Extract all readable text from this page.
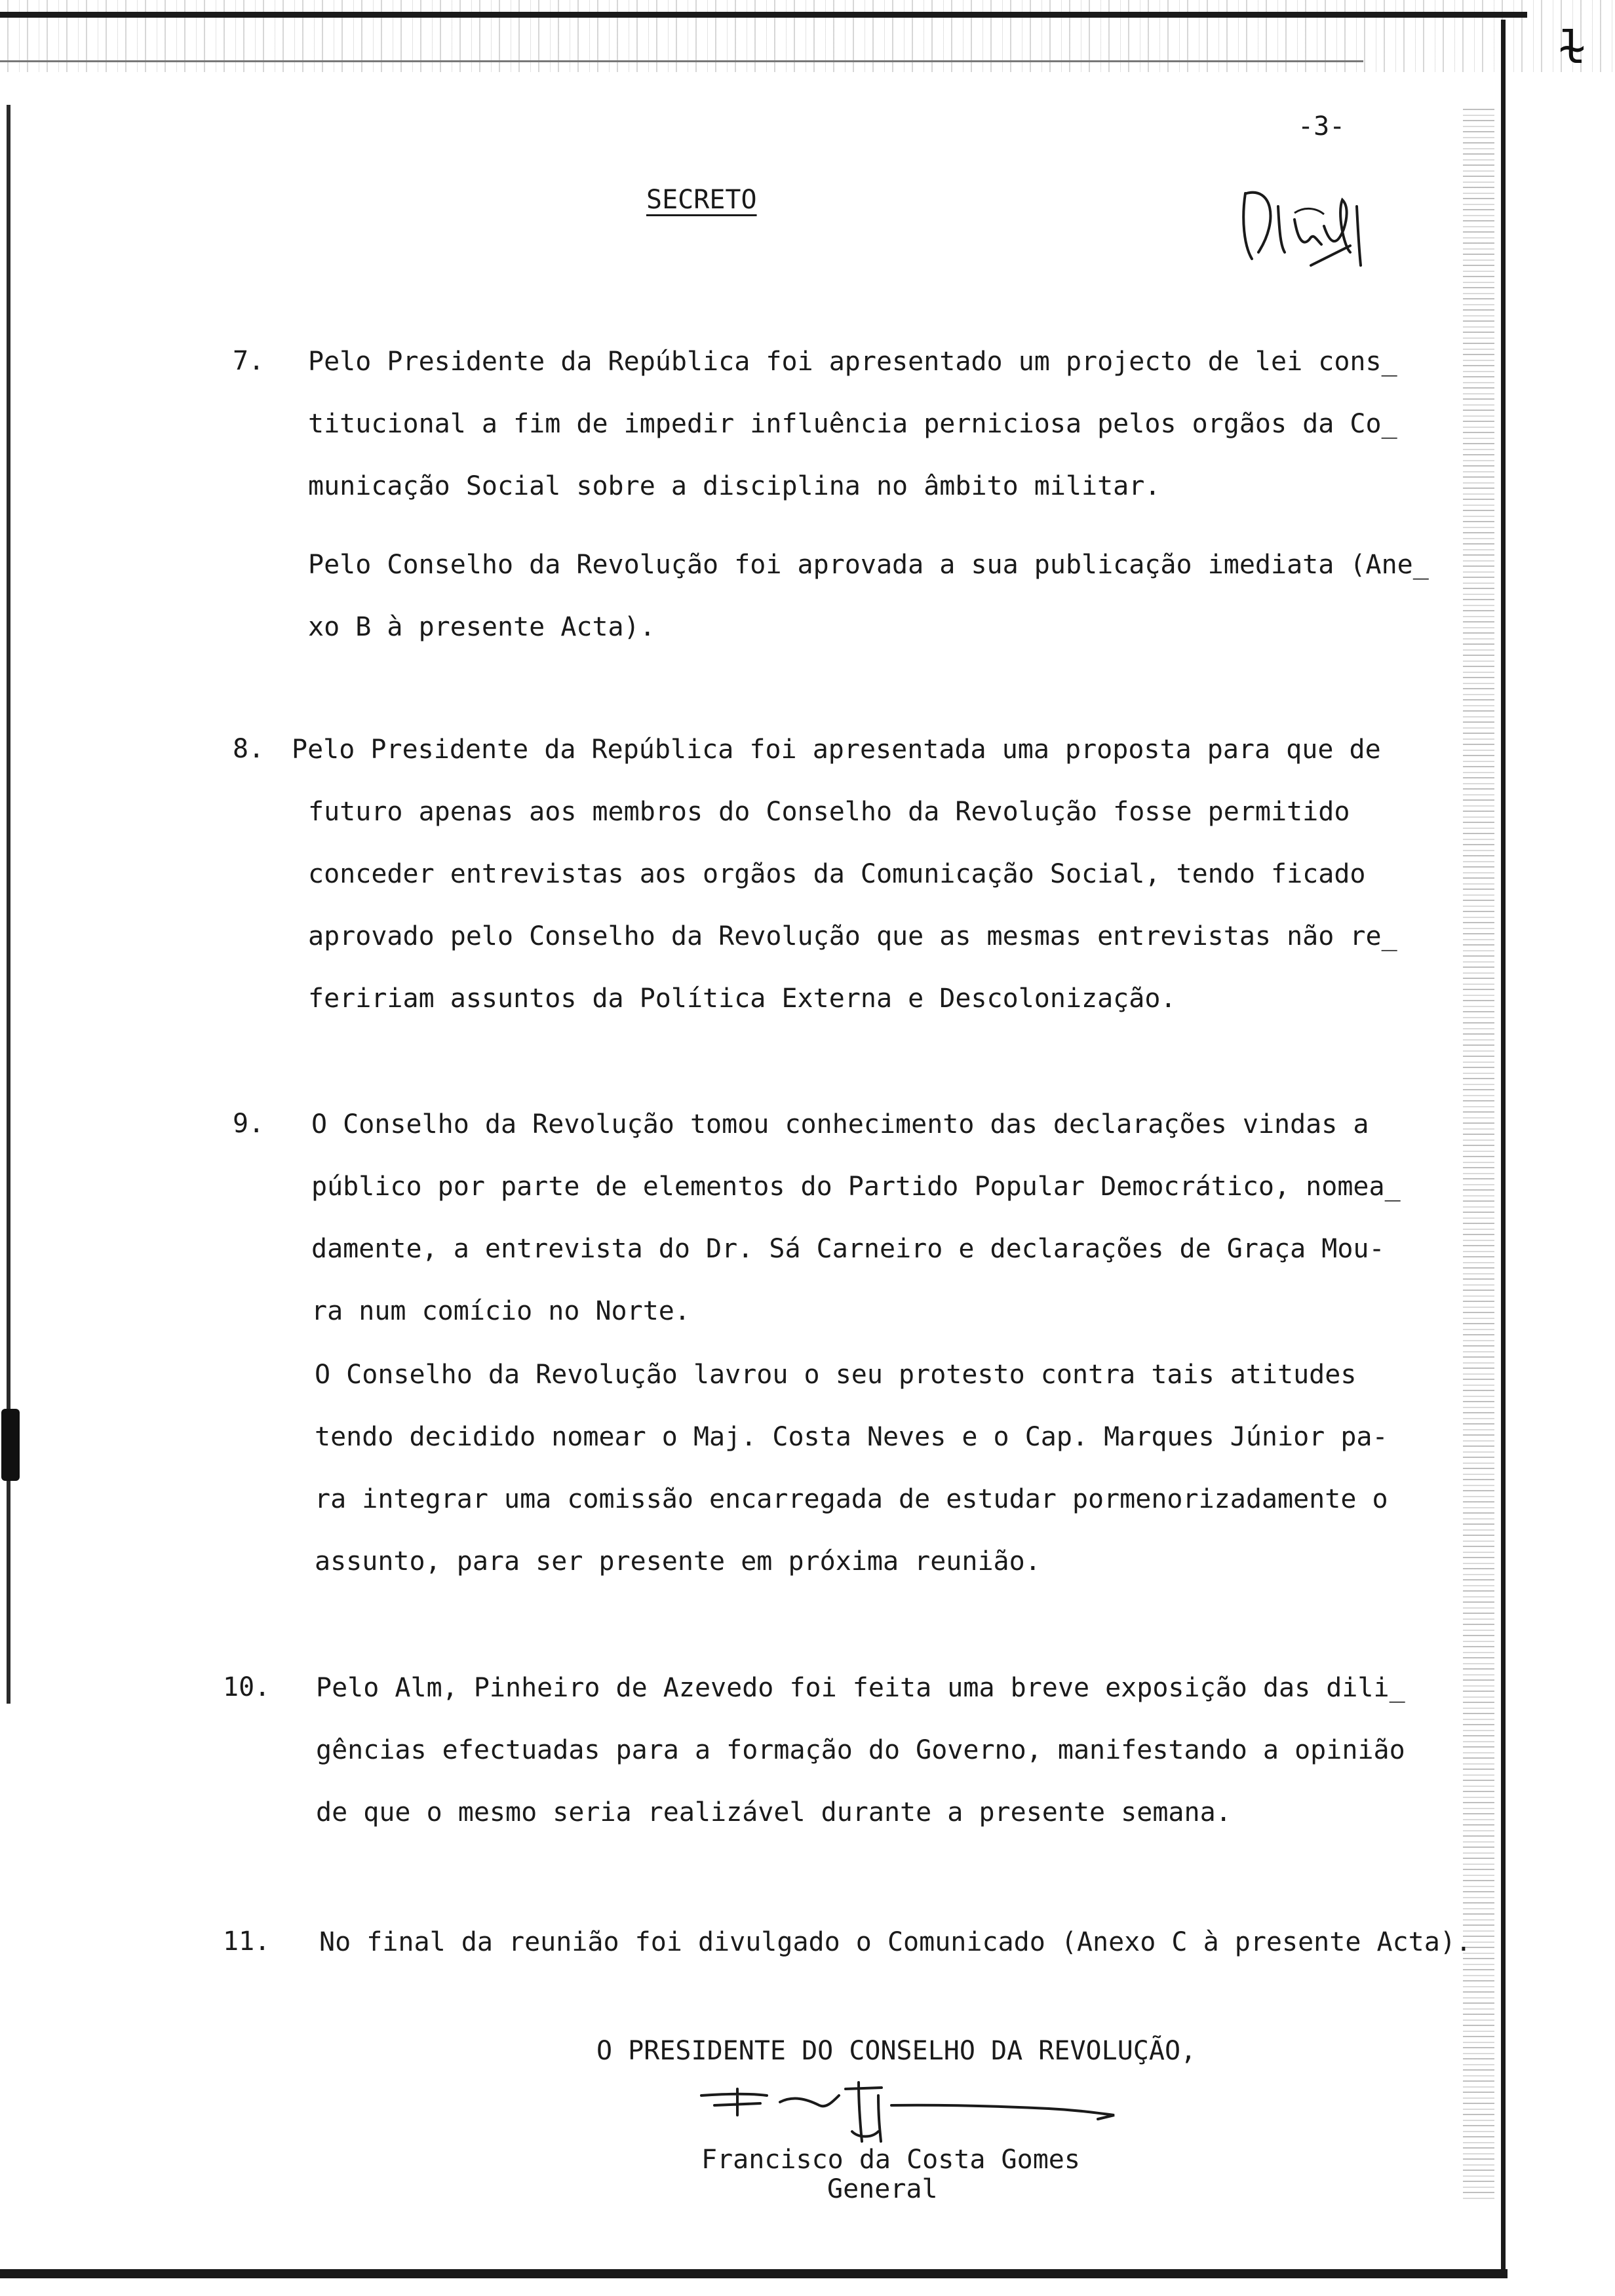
ɫ
-3-
SECRETO
7. Pelo Presidente da República foi apresentado um projecto de lei cons_
titucional a fim de impedir influência perniciosa pelos orgãos da Co_
municação Social sobre a disciplina no âmbito militar.
Pelo Conselho da Revolução foi aprovada a sua publicação imediata (Ane_
xo B à presente Acta).
8. Pelo Presidente da República foi apresentada uma proposta para que de
futuro apenas aos membros do Conselho da Revolução fosse permitido
conceder entrevistas aos orgãos da Comunicação Social, tendo ficado
aprovado pelo Conselho da Revolução que as mesmas entrevistas não re_
feririam assuntos da Política Externa e Descolonização.
9. O Conselho da Revolução tomou conhecimento das declarações vindas a
público por parte de elementos do Partido Popular Democrático, nomea_
damente, a entrevista do Dr. Sá Carneiro e declarações de Graça Mou-
ra num comício no Norte.
O Conselho da Revolução lavrou o seu protesto contra tais atitudes
tendo decidido nomear o Maj. Costa Neves e o Cap. Marques Júnior pa-
ra integrar uma comissão encarregada de estudar pormenorizadamente o
assunto, para ser presente em próxima reunião.
10. Pelo Alm, Pinheiro de Azevedo foi feita uma breve exposição das dili_
gências efectuadas para a formação do Governo, manifestando a opinião
de que o mesmo seria realizável durante a presente semana.
11. No final da reunião foi divulgado o Comunicado (Anexo C à presente Acta).
O PRESIDENTE DO CONSELHO DA REVOLUÇÃO,
Francisco da Costa Gomes
General
